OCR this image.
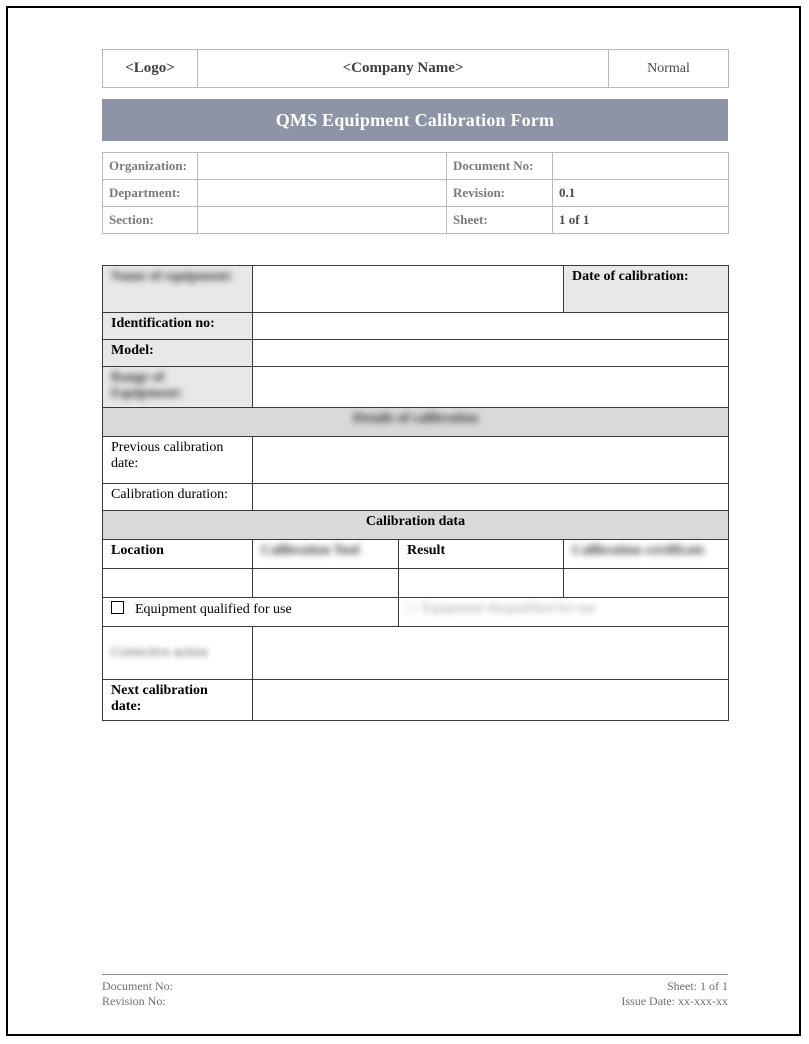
<Logo>	<Company Name>	Normal
QMS Equipment Calibration Form
Organization:		Document No:	
Department:		Revision:	0.1
Section:		Sheet:	1 of 1
Name of equipment:			Date of calibration:	
Identification no:				
Model:				
Range of
Equipment:				
Details of calibration				
Previous calibration date:				
Calibration duration:				
Calibration data				
Location	Calibration Tool	Result	Calibration certificate	

Equipment qualified for use		□  Equipment disqualified for use		
Corrective action				
Next calibration
date:				
Document No:
Revision No:
Sheet: 1 of 1
Issue Date: xx-xxx-xx
